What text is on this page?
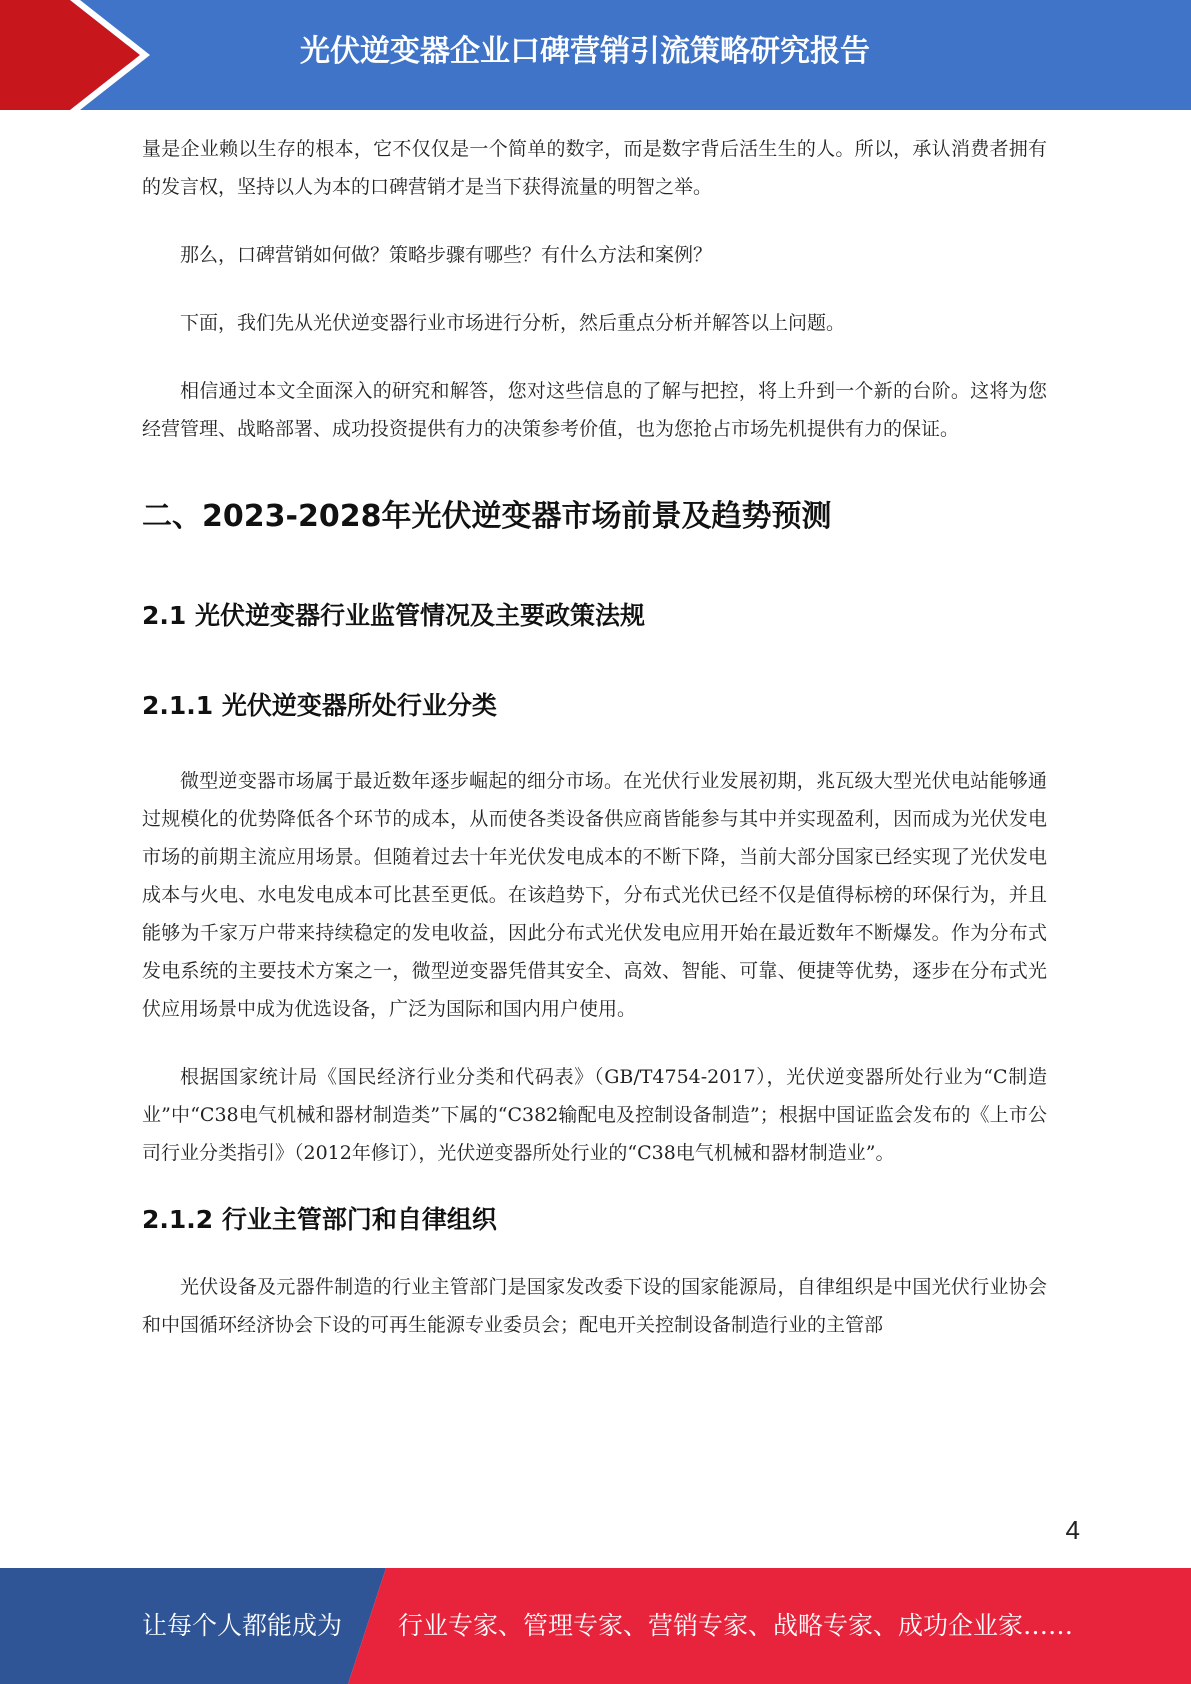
光伏逆变器企业口碑营销引流策略研究报告

量是企业赖以生存的根本，它不仅仅是一个简单的数字，而是数字背后活生生的人。所以，承认消费者拥有的发言权，坚持以人为本的口碑营销才是当下获得流量的明智之举。

那么，口碑营销如何做？策略步骤有哪些？有什么方法和案例？

下面，我们先从光伏逆变器行业市场进行分析，然后重点分析并解答以上问题。

相信通过本文全面深入的研究和解答，您对这些信息的了解与把控，将上升到一个新的台阶。这将为您经营管理、战略部署、成功投资提供有力的决策参考价值，也为您抢占市场先机提供有力的保证。

二、2023-2028年光伏逆变器市场前景及趋势预测
2.1 光伏逆变器行业监管情况及主要政策法规
2.1.1 光伏逆变器所处行业分类

微型逆变器市场属于最近数年逐步崛起的细分市场。在光伏行业发展初期，兆瓦级大型光伏电站能够通过规模化的优势降低各个环节的成本，从而使各类设备供应商皆能参与其中并实现盈利，因而成为光伏发电市场的前期主流应用场景。但随着过去十年光伏发电成本的不断下降，当前大部分国家已经实现了光伏发电成本与火电、水电发电成本可比甚至更低。在该趋势下，分布式光伏已经不仅是值得标榜的环保行为，并且能够为千家万户带来持续稳定的发电收益，因此分布式光伏发电应用开始在最近数年不断爆发。作为分布式发电系统的主要技术方案之一，微型逆变器凭借其安全、高效、智能、可靠、便捷等优势，逐步在分布式光伏应用场景中成为优选设备，广泛为国际和国内用户使用。

根据国家统计局《国民经济行业分类和代码表》（GB/T4754-2017），光伏逆变器所处行业为“C制造业”中“C38电气机械和器材制造类”下属的“C382输配电及控制设备制造”；根据中国证监会发布的《上市公司行业分类指引》（2012年修订），光伏逆变器所处行业的“C38电气机械和器材制造业”。

2.1.2 行业主管部门和自律组织

光伏设备及元器件制造的行业主管部门是国家发改委下设的国家能源局，自律组织是中国光伏行业协会和中国循环经济协会下设的可再生能源专业委员会；配电开关控制设备制造行业的主管部

4
让每个人都能成为 行业专家、管理专家、营销专家、战略专家、成功企业家……
